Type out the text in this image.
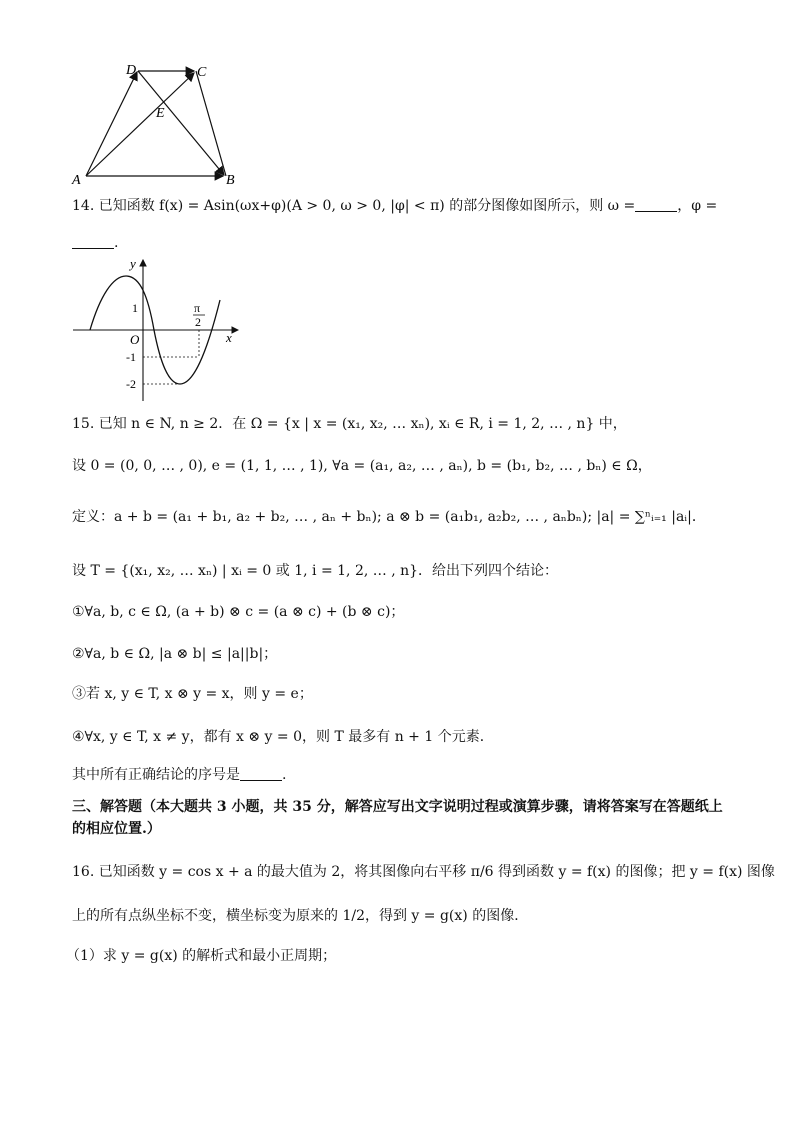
D	C
E
A	B
14. 已知函数 f(x) = Asin(ωx+φ)(A > 0, ω > 0, |φ| < π) 的部分图像如图所示，则 ω =	，φ =
.
y
x
O
1
-1
-2
π
2
15. 已知 n ∈ N, n ≥ 2．在 Ω = {x | x = (x₁, x₂, … xₙ), xᵢ ∈ R, i = 1, 2, … , n} 中，
设 0 = (0, 0, … , 0), e = (1, 1, … , 1), ∀a = (a₁, a₂, … , aₙ), b = (b₁, b₂, … , bₙ) ∈ Ω，
定义：a + b = (a₁ + b₁, a₂ + b₂, … , aₙ + bₙ); a ⊗ b = (a₁b₁, a₂b₂, … , aₙbₙ); |a| = ∑ⁿᵢ₌₁ |aᵢ|．
设 T = {(x₁, x₂, … xₙ) | xᵢ = 0 或 1, i = 1, 2, … , n}．给出下列四个结论：
①∀a, b, c ∈ Ω, (a + b) ⊗ c = (a ⊗ c) + (b ⊗ c)；
②∀a, b ∈ Ω, |a ⊗ b| ≤ |a||b|；
③若 x, y ∈ T, x ⊗ y = x，则 y = e；
④∀x, y ∈ T, x ≠ y，都有 x ⊗ y = 0，则 T 最多有 n + 1 个元素．
其中所有正确结论的序号是	.
三、解答题（本大题共 3 小题，共 35 分，解答应写出文字说明过程或演算步骤，请将答案写在答题纸上的相应位置.）
16. 已知函数 y = cos x + a 的最大值为 2，将其图像向右平移 π/6 得到函数 y = f(x) 的图像；把 y = f(x) 图像
上的所有点纵坐标不变，横坐标变为原来的 1/2，得到 y = g(x) 的图像．
（1）求 y = g(x) 的解析式和最小正周期；
